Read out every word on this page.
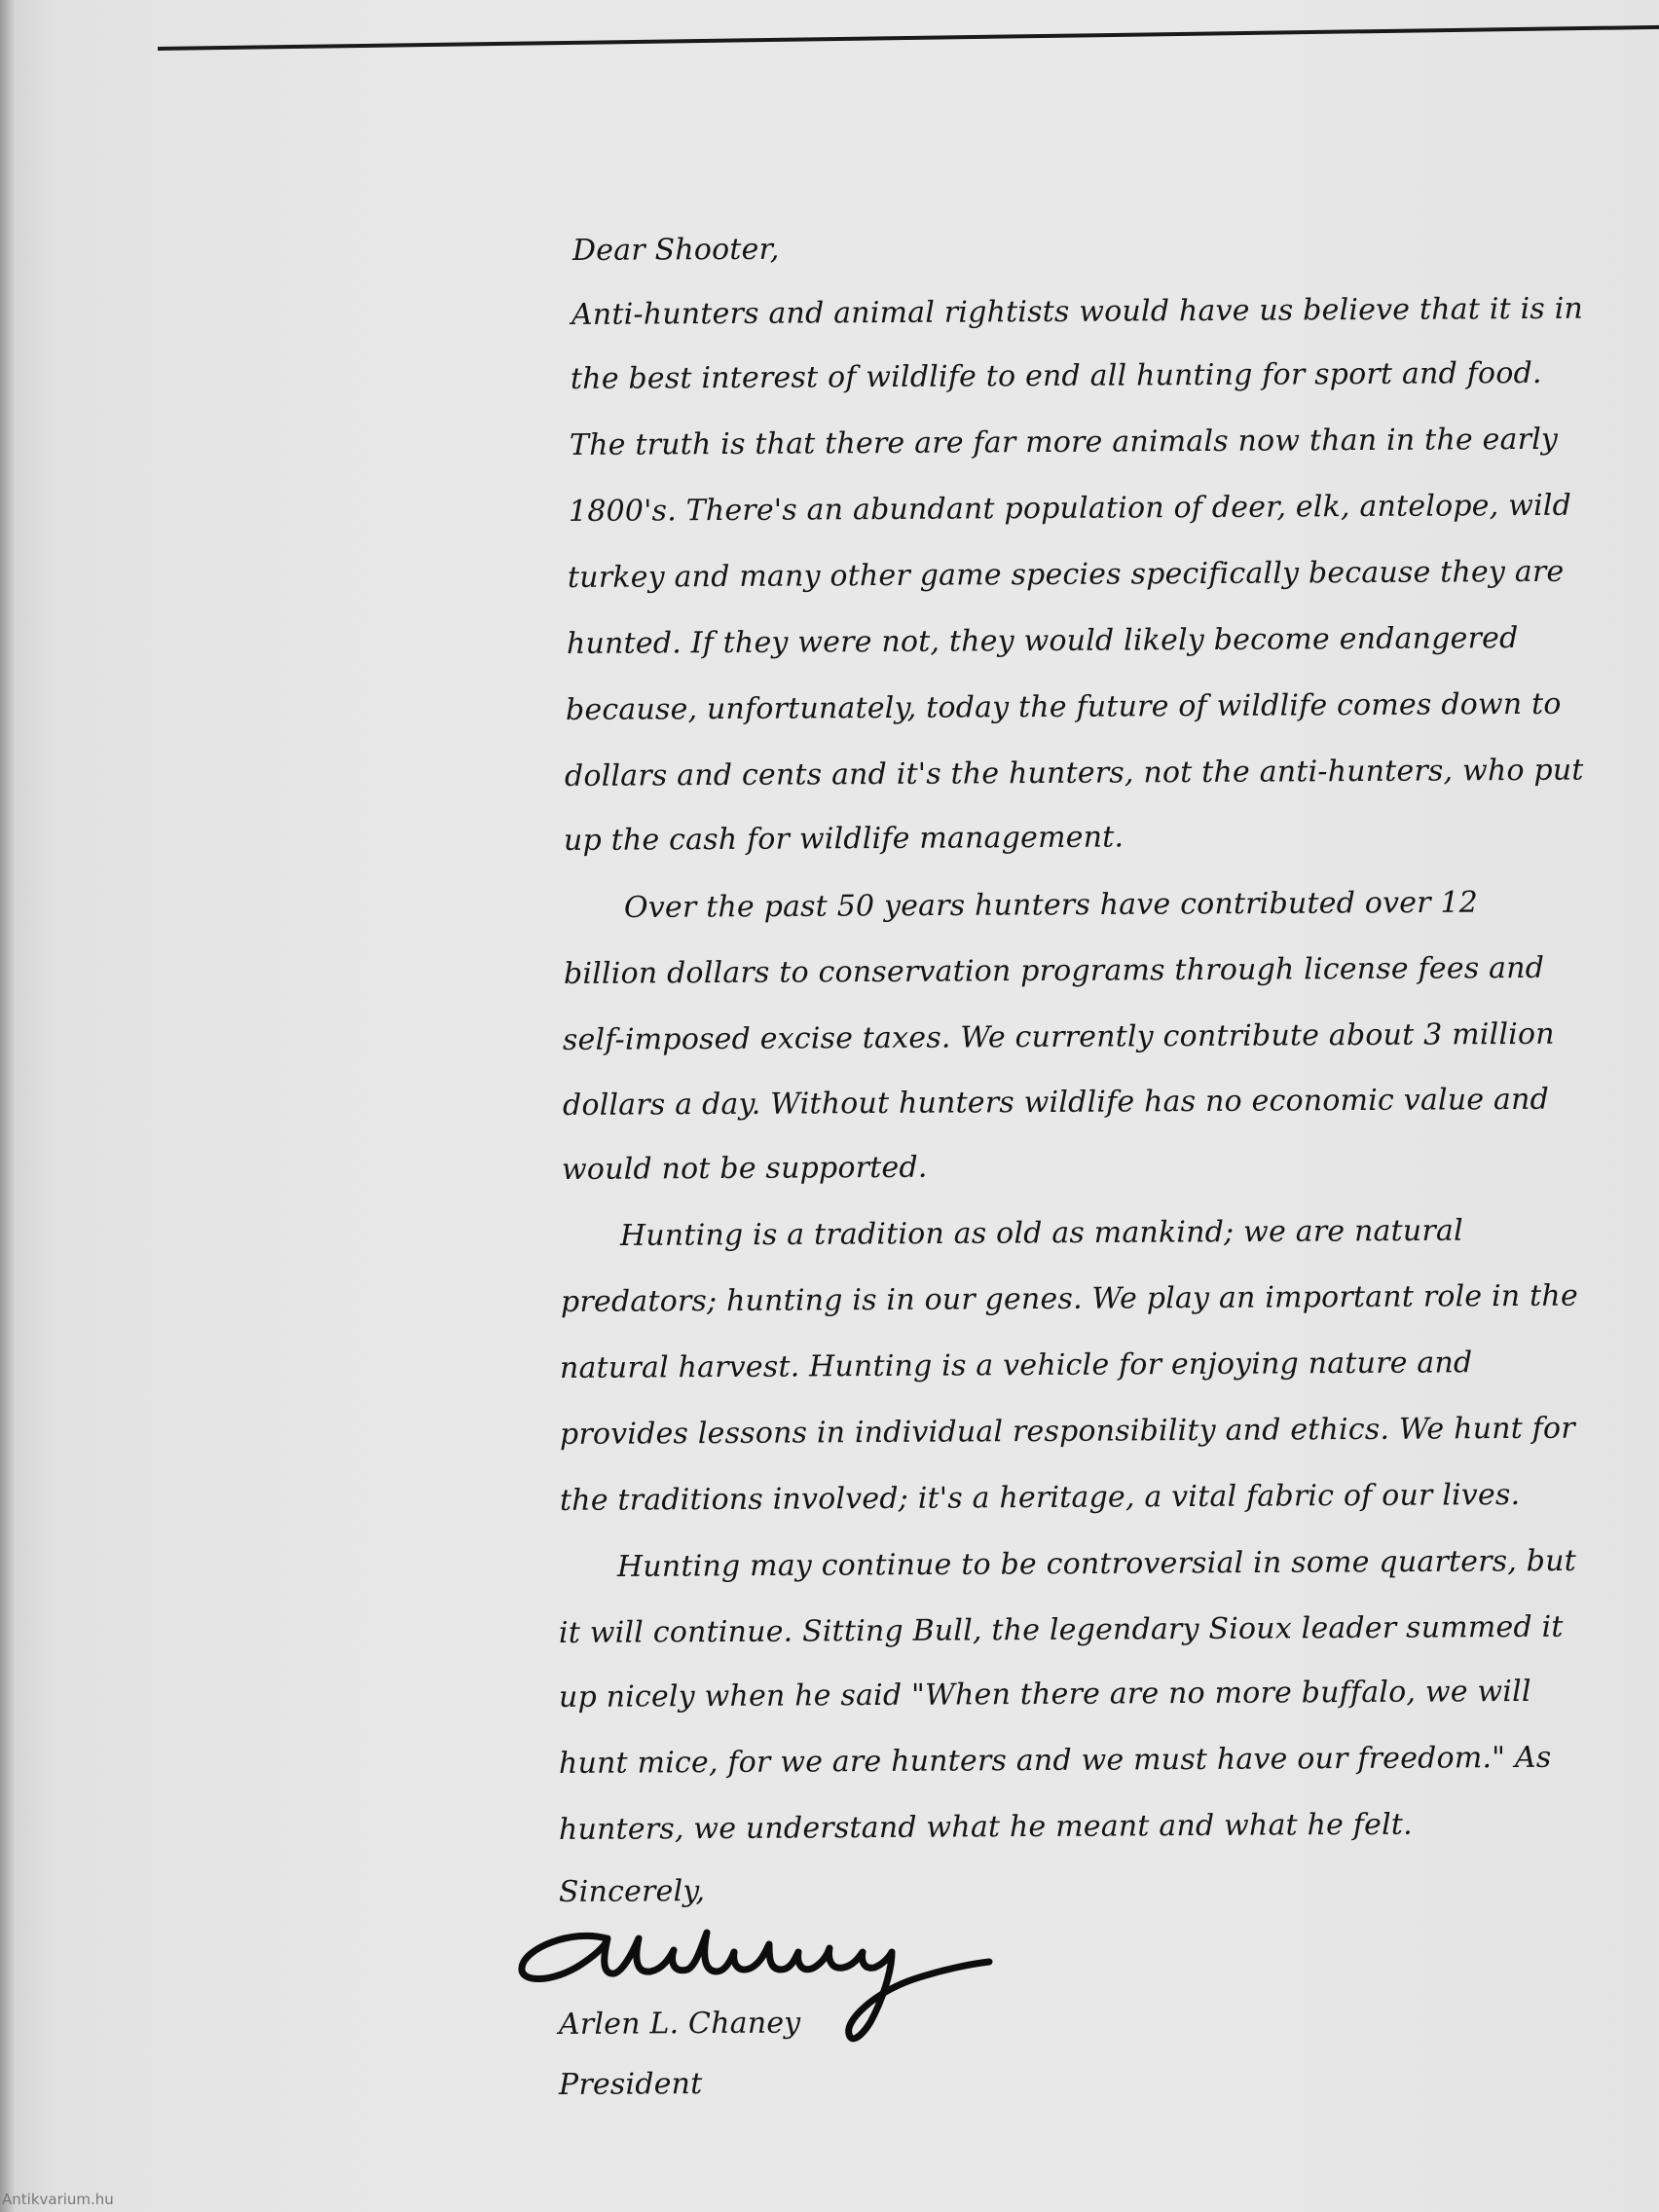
Dear Shooter,

Anti-hunters and animal rightists would have us believe that it is in

the best interest of wildlife to end all hunting for sport and food.

The truth is that there are far more animals now than in the early

1800's. There's an abundant population of deer, elk, antelope, wild

turkey and many other game species specifically because they are

hunted. If they were not, they would likely become endangered

because, unfortunately, today the future of wildlife comes down to

dollars and cents and it's the hunters, not the anti-hunters, who put

up the cash for wildlife management.

Over the past 50 years hunters have contributed over 12

billion dollars to conservation programs through license fees and

self-imposed excise taxes. We currently contribute about 3 million

dollars a day. Without hunters wildlife has no economic value and

would not be supported.

Hunting is a tradition as old as mankind; we are natural

predators; hunting is in our genes. We play an important role in the

natural harvest. Hunting is a vehicle for enjoying nature and

provides lessons in individual responsibility and ethics. We hunt for

the traditions involved; it's a heritage, a vital fabric of our lives.

Hunting may continue to be controversial in some quarters, but

it will continue. Sitting Bull, the legendary Sioux leader summed it

up nicely when he said "When there are no more buffalo, we will

hunt mice, for we are hunters and we must have our freedom." As

hunters, we understand what he meant and what he felt.

Sincerely,

Arlen L. Chaney

President

Antikvarium.hu
